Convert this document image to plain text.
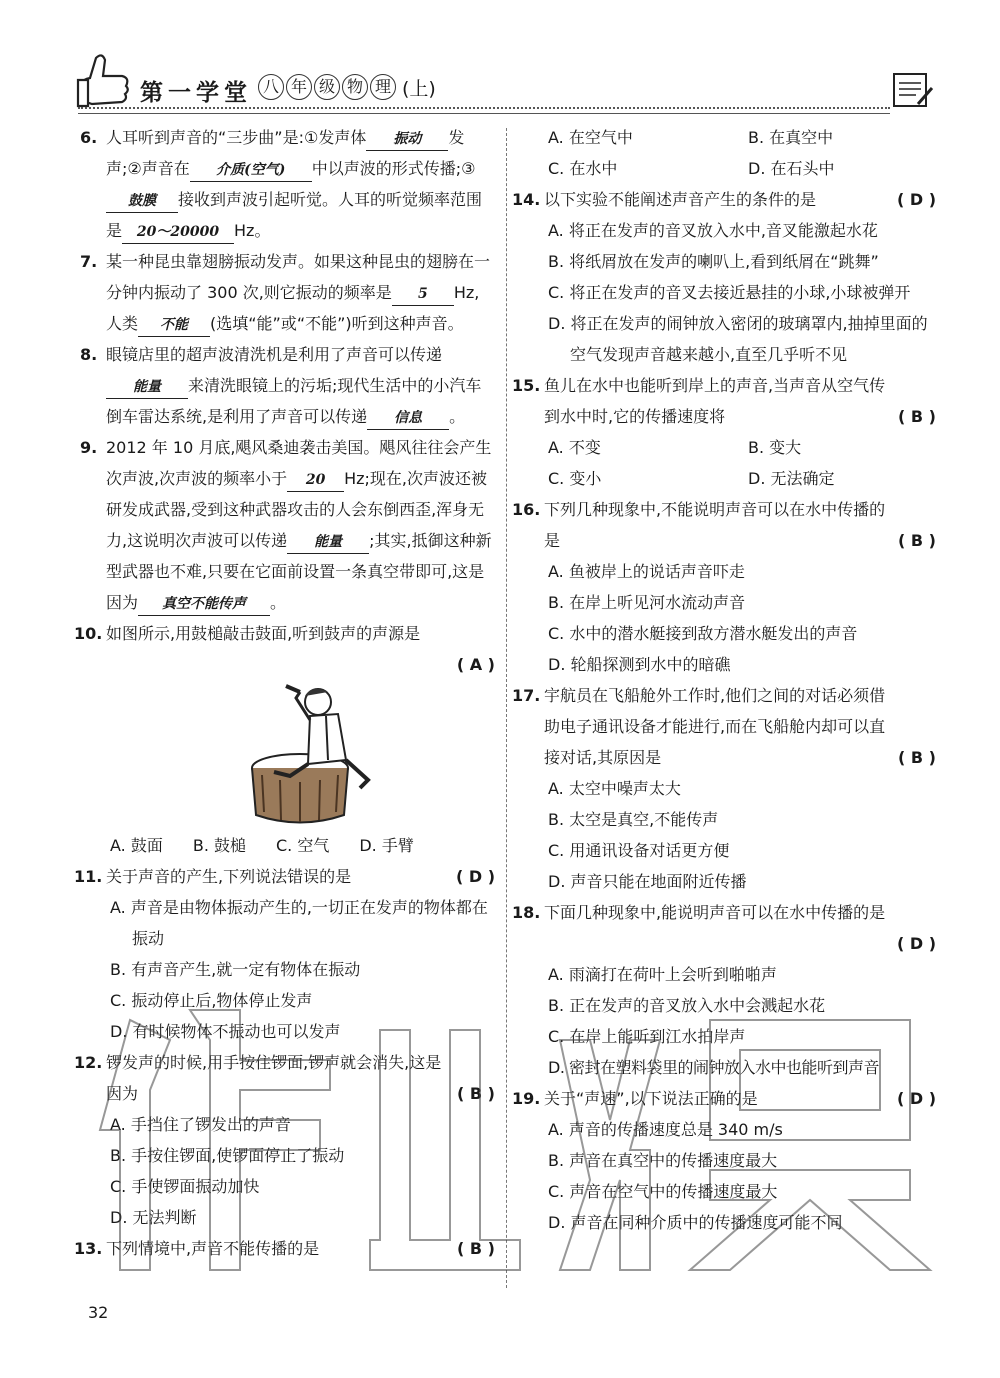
第一学堂 八 年 级 物 理 (上)
6. 人耳听到声音的“三步曲”是:①发声体 振动 发声;②声音在 介质(空气) 中以声波的形式传播;③鼓膜 接收到声波引起听觉。人耳的听觉频率范围是 20～20000 Hz。
7. 某一种昆虫靠翅膀振动发声。如果这种昆虫的翅膀在一分钟内振动了 300 次,则它振动的频率是 5 Hz,人类 不能 (选填“能”或“不能”)听到这种声音。
8. 眼镜店里的超声波清洗机是利用了声音可以传递能量 来清洗眼镜上的污垢;现代生活中的小汽车倒车雷达系统,是利用了声音可以传递 信息 。
9. 2012 年 10 月底,飓风桑迪袭击美国。飓风往往会产生次声波,次声波的频率小于 20 Hz;现在,次声波还被研发成武器,受到这种武器攻击的人会东倒西歪,浑身无力,这说明次声波可以传递 能量 ;其实,抵御这种新型武器也不难,只要在它面前设置一条真空带即可,这是因为 真空不能传声 。
10. 如图所示,用鼓槌敲击鼓面,听到鼓声的声源是
( A )
A. 鼓面 B. 鼓槌 C. 空气 D. 手臂
11. 关于声音的产生,下列说法错误的是	( D )
A. 声音是由物体振动产生的,一切正在发声的物体都在振动
B. 有声音产生,就一定有物体在振动
C. 振动停止后,物体停止发声
D. 有时候物体不振动也可以发声
12. 锣发声的时候,用手按住锣面,锣声就会消失,这是因为	( B )
A. 手挡住了锣发出的声音
B. 手按住锣面,使锣面停止了振动
C. 手使锣面振动加快
D. 无法判断
13. 下列情境中,声音不能传播的是	( B )
A. 在空气中	B. 在真空中
C. 在水中	D. 在石头中
14. 以下实验不能阐述声音产生的条件的是	( D )
A. 将正在发声的音叉放入水中,音叉能激起水花
B. 将纸屑放在发声的喇叭上,看到纸屑在“跳舞”
C. 将正在发声的音叉去接近悬挂的小球,小球被弹开
D. 将正在发声的闹钟放入密闭的玻璃罩内,抽掉里面的空气发现声音越来越小,直至几乎听不见
15. 鱼儿在水中也能听到岸上的声音,当声音从空气传到水中时,它的传播速度将	( B )
A. 不变	B. 变大
C. 变小	D. 无法确定
16. 下列几种现象中,不能说明声音可以在水中传播的是	( B )
A. 鱼被岸上的说话声音吓走
B. 在岸上听见河水流动声音
C. 水中的潜水艇接到敌方潜水艇发出的声音
D. 轮船探测到水中的暗礁
17. 宇航员在飞船舱外工作时,他们之间的对话必须借助电子通讯设备才能进行,而在飞船舱内却可以直接对话,其原因是	( B )
A. 太空中噪声太大
B. 太空是真空,不能传声
C. 用通讯设备对话更方便
D. 声音只能在地面附近传播
18. 下面几种现象中,能说明声音可以在水中传播的是
( D )
A. 雨滴打在荷叶上会听到啪啪声
B. 正在发声的音叉放入水中会溅起水花
C. 在岸上能听到江水拍岸声
D. 密封在塑料袋里的闹钟放入水中也能听到声音
19. 关于“声速”,以下说法正确的是	( D )
A. 声音的传播速度总是 340 m/s
B. 声音在真空中的传播速度最大
C. 声音在空气中的传播速度最大
D. 声音在同种介质中的传播速度可能不同
32
